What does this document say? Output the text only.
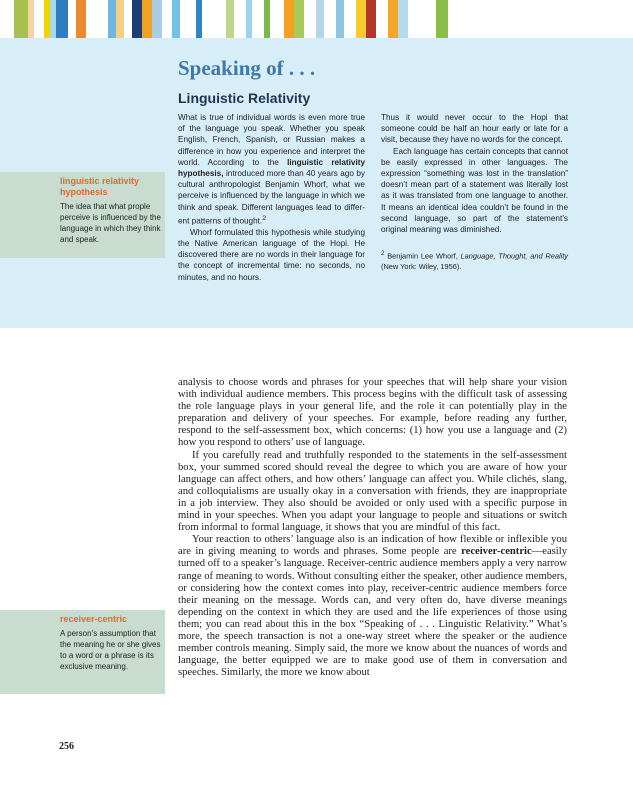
Speaking of . . .
Linguistic Relativity

What is true of individual words is even more true of the language you speak. Whether you speak English, French, Spanish, or Russian makes a difference in how you experience and interpret the world. According to the linguistic relativity hypothesis, introduced more than 40 years ago by cultural anthropologist Benjamin Whorf, what we perceive is influenced by the language in which we think and speak. Different languages lead to different patterns of thought.$^2$

Whorf formulated this hypothesis while studying the Native American language of the Hopi. He discovered there are no words in their language for the concept of incremental time: no seconds, no minutes, and no hours.

Thus it would never occur to the Hopi that someone could be half an hour early or late for a visit, because they have no words for the concept.

Each language has certain concepts that cannot be easily expressed in other languages. The expression “something was lost in the translation” doesn’t mean part of a statement was literally lost as it was translated from one language to another. It means an identical idea couldn’t be found in the second language, so part of the statement’s original meaning was diminished.

$^2$ Benjamin Lee Whorf, Language, Thought, and Reality (New York: Wiley, 1956).

linguistic relativity hypothesis

The idea that what prople perceive is influenced by the language in which they think and speak.

receiver-centric

A person’s assumption that the meaning he or she gives to a word or a phrase is its exclusive meaning.

analysis to choose words and phrases for your speeches that will help share your vision with individual audience members. This process begins with the difficult task of assessing the role language plays in your general life, and the role it can potentially play in the preparation and delivery of your speeches. For example, before reading any further, respond to the self-assessment box, which concerns: (1) how you use a language and (2) how you respond to others’ use of language.

If you carefully read and truthfully responded to the statements in the self-assessment box, your summed scored should reveal the degree to which you are aware of how your language can affect others, and how others’ language can affect you. While clichés, slang, and colloquialisms are usually okay in a conversation with friends, they are inappropriate in a job interview. They also should be avoided or only used with a specific purpose in mind in your speeches. When you adapt your language to people and situations or switch from informal to formal language, it shows that you are mindful of this fact.

Your reaction to others’ language also is an indication of how flexible or inflexible you are in giving meaning to words and phrases. Some people are receiver-centric—easily turned off to a speaker’s language. Receiver-centric audience members apply a very narrow range of meaning to words. Without consulting either the speaker, other audience members, or considering how the context comes into play, receiver-centric audience members force their meaning on the message. Words can, and very often do, have diverse meanings depending on the context in which they are used and the life experiences of those using them; you can read about this in the box “Speaking of . . . Linguistic Relativity.” What’s more, the speech transaction is not a one-way street where the speaker or the audience member controls meaning. Simply said, the more we know about the nuances of words and language, the better equipped we are to make good use of them in conversation and speeches. Similarly, the more we know about

256
